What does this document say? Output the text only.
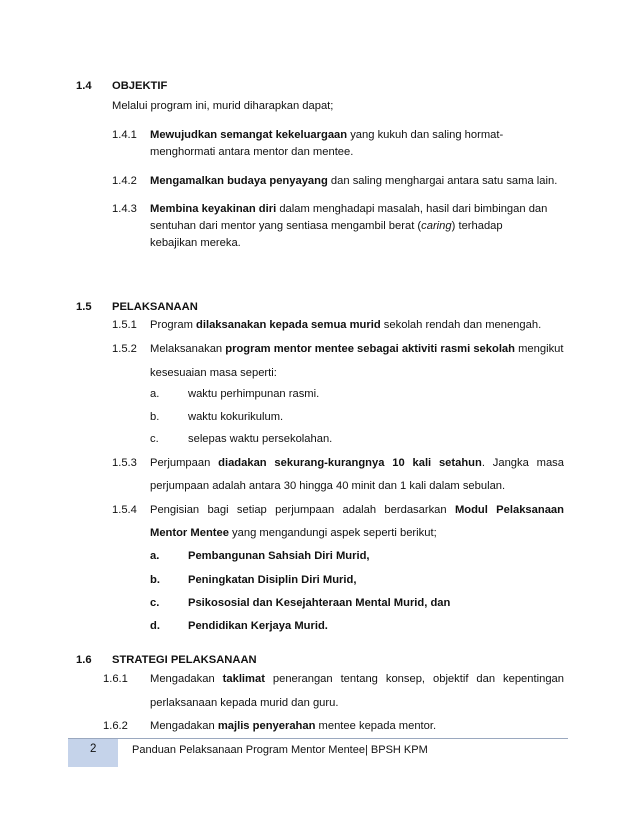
1.4 OBJEKTIF
Melalui program ini, murid diharapkan dapat;
1.4.1 Mewujudkan semangat kekeluargaan yang kukuh dan saling hormat-
menghormati antara mentor dan mentee.
1.4.2 Mengamalkan budaya penyayang dan saling menghargai antara satu sama lain.
1.4.3 Membina keyakinan diri dalam menghadapi masalah, hasil dari bimbingan dan
sentuhan dari mentor yang sentiasa mengambil berat (caring) terhadap
kebajikan mereka.
1.5 PELAKSANAAN
1.5.1 Program dilaksanakan kepada semua murid sekolah rendah dan menengah.
1.5.2 Melaksanakan program mentor mentee sebagai aktiviti rasmi sekolah mengikut
kesesuaian masa seperti:
a.	waktu perhimpunan rasmi.
b.	waktu kokurikulum.
c.	selepas waktu persekolahan.
1.5.3 Perjumpaan diadakan sekurang-kurangnya 10 kali setahun. Jangka masa
perjumpaan adalah antara 30 hingga 40 minit dan 1 kali dalam sebulan.
1.5.4 Pengisian bagi setiap perjumpaan adalah berdasarkan Modul Pelaksanaan
Mentor Mentee yang mengandungi aspek seperti berikut;
a.	Pembangunan Sahsiah Diri Murid,
b.	Peningkatan Disiplin Diri Murid,
c.	Psikososial dan Kesejahteraan Mental Murid, dan
d.	Pendidikan Kerjaya Murid.
1.6 STRATEGI PELAKSANAAN
1.6.1 Mengadakan taklimat penerangan tentang konsep, objektif dan kepentingan
perlaksanaan kepada murid dan guru.
1.6.2 Mengadakan majlis penyerahan mentee kepada mentor.
2	Panduan Pelaksanaan Program Mentor Mentee| BPSH KPM
